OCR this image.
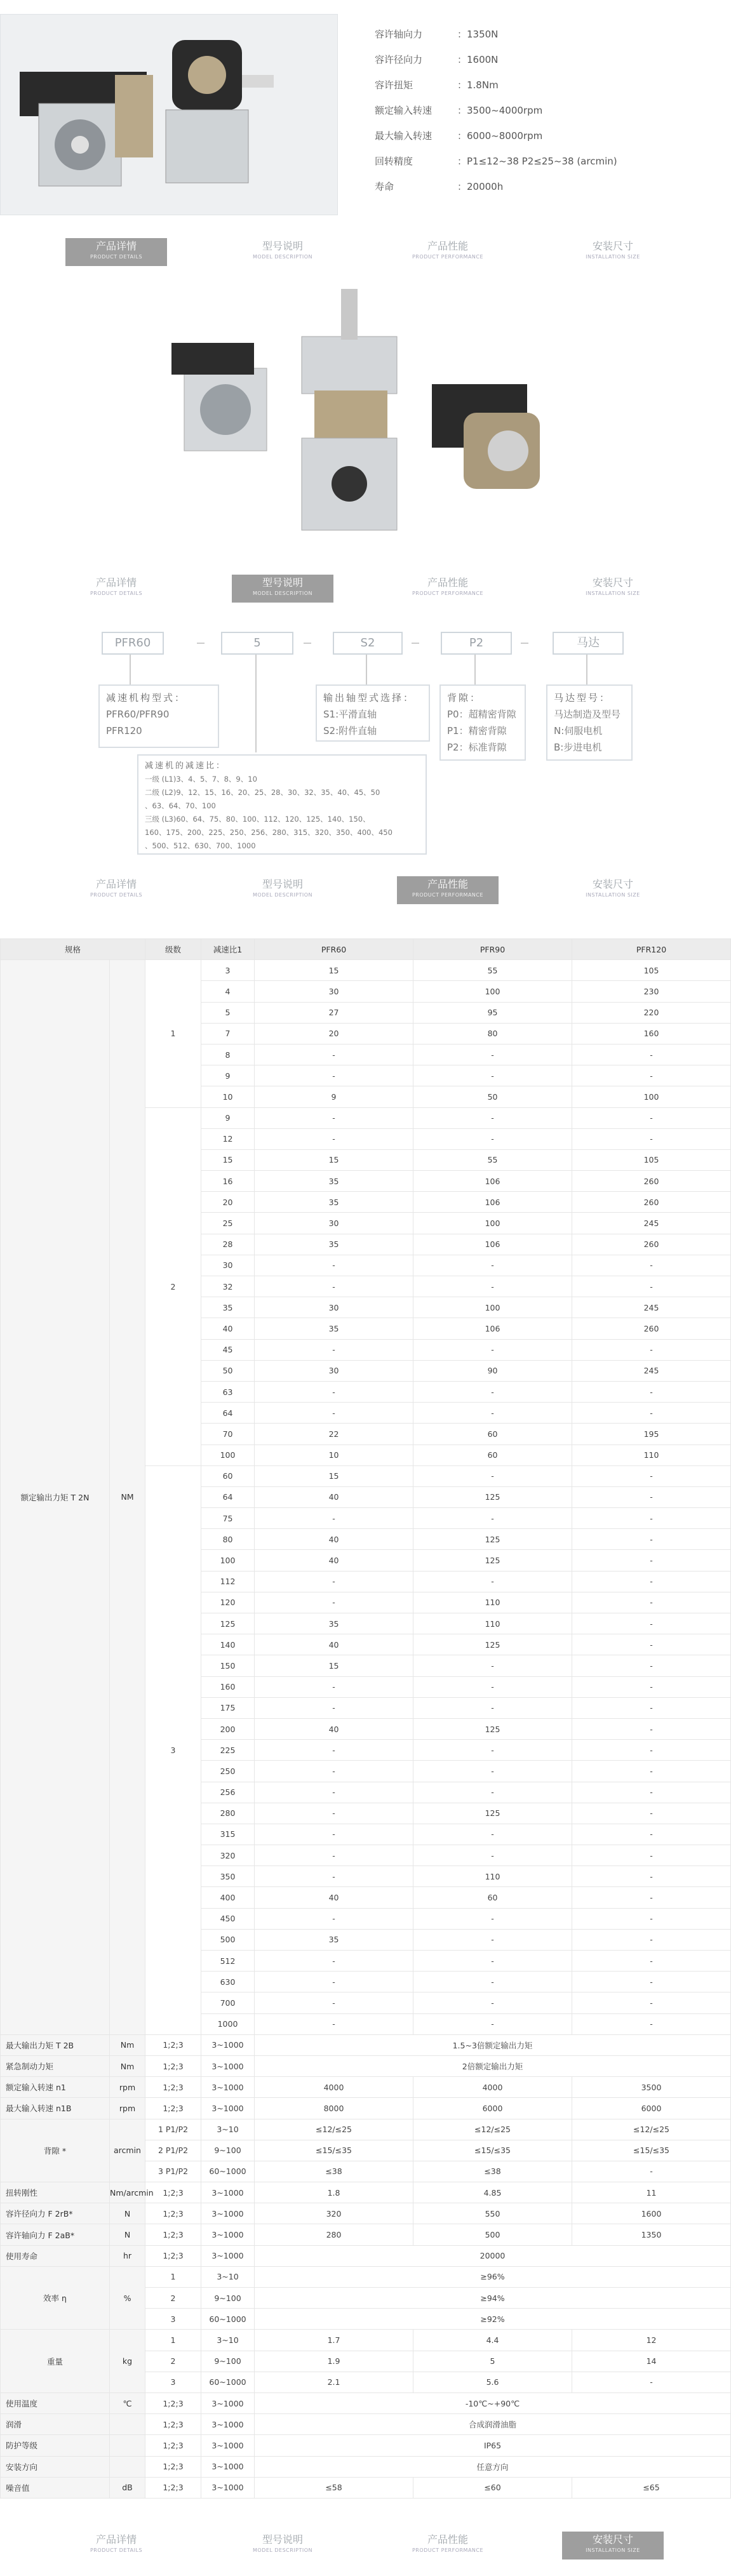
容许轴向力	：1350N
容许径向力	：1600N
容许扭矩	：1.8Nm
额定输入转速	：3500~4000rpm
最大输入转速	：6000~8000rpm
回转精度	：P1≤12~38 P2≤25~38 (arcmin)
寿命	：20000h
产品详情
PRODUCT DETAILS
型号说明
MODEL DESCRIPTION
产品性能
PRODUCT PERFORMANCE
安装尺寸
INSTALLATION SIZE
产品详情
PRODUCT DETAILS
型号说明
MODEL DESCRIPTION
产品性能
PRODUCT PERFORMANCE
安装尺寸
INSTALLATION SIZE
PFR60	5	S2	P2	马达
减速机构型式：
PFR60/PFR90
PFR120
输出轴型式选择：
S1:平滑直轴
S2:附件直轴
背隙：
P0：超精密背隙
P1：精密背隙
P2：标准背隙
马达型号：
马达制造及型号
N:伺服电机
B:步进电机
减速机的减速比：
一级 (L1)3、4、5、7、8、9、10
二级 (L2)9、12、15、16、20、25、28、30、32、35、40、45、50
、63、64、70、100
三级 (L3)60、64、75、80、100、112、120、125、140、150、
160、175、200、225、250、256、280、315、320、350、400、450
、500、512、630、700、1000
产品详情
PRODUCT DETAILS
型号说明
MODEL DESCRIPTION
产品性能
PRODUCT PERFORMANCE
安装尺寸
INSTALLATION SIZE
规格		级数	减速比1	PFR60	PFR90	PFR120
额定输出力矩 T 2N	NM	1	3	15	55	105
			4	30	100	230
			5	27	95	220
			7	20	80	160
			8	-	-	-
			9	-	-	-
			10	9	50	100
		2	9	-	-	-
			12	-	-	-
			15	15	55	105
			16	35	106	260
			20	35	106	260
			25	30	100	245
			28	35	106	260
			30	-	-	-
			32	-	-	-
			35	30	100	245
			40	35	106	260
			45	-	-	-
			50	30	90	245
			63	-	-	-
			64	-	-	-
			70	22	60	195
			100	10	60	110
		3	60	15	-	-
			64	40	125	-
			75	-	-	-
			80	40	125	-
			100	40	125	-
			112	-	-	-
			120	-	110	-
			125	35	110	-
			140	40	125	-
			150	15	-	-
			160	-	-	-
			175	-	-	-
			200	40	125	-
			225	-	-	-
			250	-	-	-
			256	-	-	-
			280	-	125	-
			315	-	-	-
			320	-	-	-
			350	-	110	-
			400	40	60	-
			450	-	-	-
			500	35	-	-
			512	-	-	-
			630	-	-	-
			700	-	-	-
			1000	-	-	-
最大输出力矩 T 2B	Nm	1;2;3	3~1000	1.5~3倍额定输出力矩		
紧急制动力矩	Nm	1;2;3	3~1000	2倍额定输出力矩		
额定输入转速 n1	rpm	1;2;3	3~1000	4000	4000	3500
最大输入转速 n1B	rpm	1;2;3	3~1000	8000	6000	6000
背隙 *	arcmin	1 P1/P2	3~10	≤12/≤25	≤12/≤25	≤12/≤25
		2 P1/P2	9~100	≤15/≤35	≤15/≤35	≤15/≤35
		3 P1/P2	60~1000	≤38	≤38	-
扭转刚性	Nm/arcmin	1;2;3	3~1000	1.8	4.85	11
容许径向力 F 2rB*	N	1;2;3	3~1000	320	550	1600
容许轴向力 F 2aB*	N	1;2;3	3~1000	280	500	1350
使用寿命	hr	1;2;3	3~1000	20000		
效率 η	%	1	3~10	≥96%		
		2	9~100	≥94%		
		3	60~1000	≥92%		
重量	kg	1	3~10	1.7	4.4	12
		2	9~100	1.9	5	14
		3	60~1000	2.1	5.6	-
使用温度	℃	1;2;3	3~1000	-10℃~+90℃		
润滑		1;2;3	3~1000	合成润滑油脂		
防护等级		1;2;3	3~1000	IP65		
安装方向		1;2;3	3~1000	任意方向		
噪音值	dB	1;2;3	3~1000	≤58	≤60	≤65
产品详情
PRODUCT DETAILS
型号说明
MODEL DESCRIPTION
产品性能
PRODUCT PERFORMANCE
安装尺寸
INSTALLATION SIZE
